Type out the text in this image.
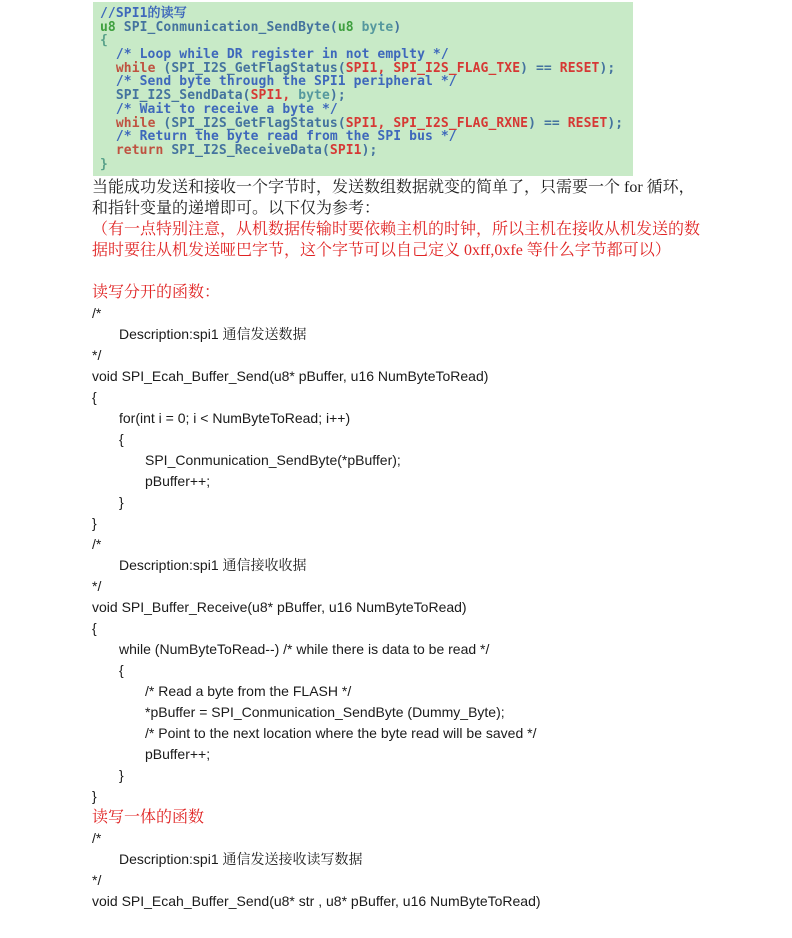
//SPI1的读写
u8 SPI_Conmunication_SendByte(u8 byte)
{
/* Loop while DR register in not emplty */
while (SPI_I2S_GetFlagStatus(SPI1, SPI_I2S_FLAG_TXE) == RESET);
/* Send byte through the SPI1 peripheral */
SPI_I2S_SendData(SPI1, byte);
/* Wait to receive a byte */
while (SPI_I2S_GetFlagStatus(SPI1, SPI_I2S_FLAG_RXNE) == RESET);
/* Return the byte read from the SPI bus */
return SPI_I2S_ReceiveData(SPI1);
}
当能成功发送和接收一个字节时，发送数组数据就变的简单了，只需要一个 for 循环，
和指针变量的递增即可。以下仅为参考：
（有一点特别注意，从机数据传输时要依赖主机的时钟，所以主机在接收从机发送的数
据时要往从机发送哑巴字节，这个字节可以自己定义 0xff,0xfe 等什么字节都可以）

读写分开的函数：
/*
Description:spi1 通信发送数据
*/
void SPI_Ecah_Buffer_Send(u8* pBuffer, u16 NumByteToRead)
{
for(int i = 0; i < NumByteToRead; i++)
{
SPI_Conmunication_SendByte(*pBuffer);
pBuffer++;
}
}
/*
Description:spi1 通信接收收据
*/
void SPI_Buffer_Receive(u8* pBuffer, u16 NumByteToRead)
{
while (NumByteToRead--) /* while there is data to be read */
{
/* Read a byte from the FLASH */
*pBuffer = SPI_Conmunication_SendByte (Dummy_Byte);
/* Point to the next location where the byte read will be saved */
pBuffer++;
}
}
读写一体的函数
/*
Description:spi1 通信发送接收读写数据
*/
void SPI_Ecah_Buffer_Send(u8* str , u8* pBuffer, u16 NumByteToRead)
